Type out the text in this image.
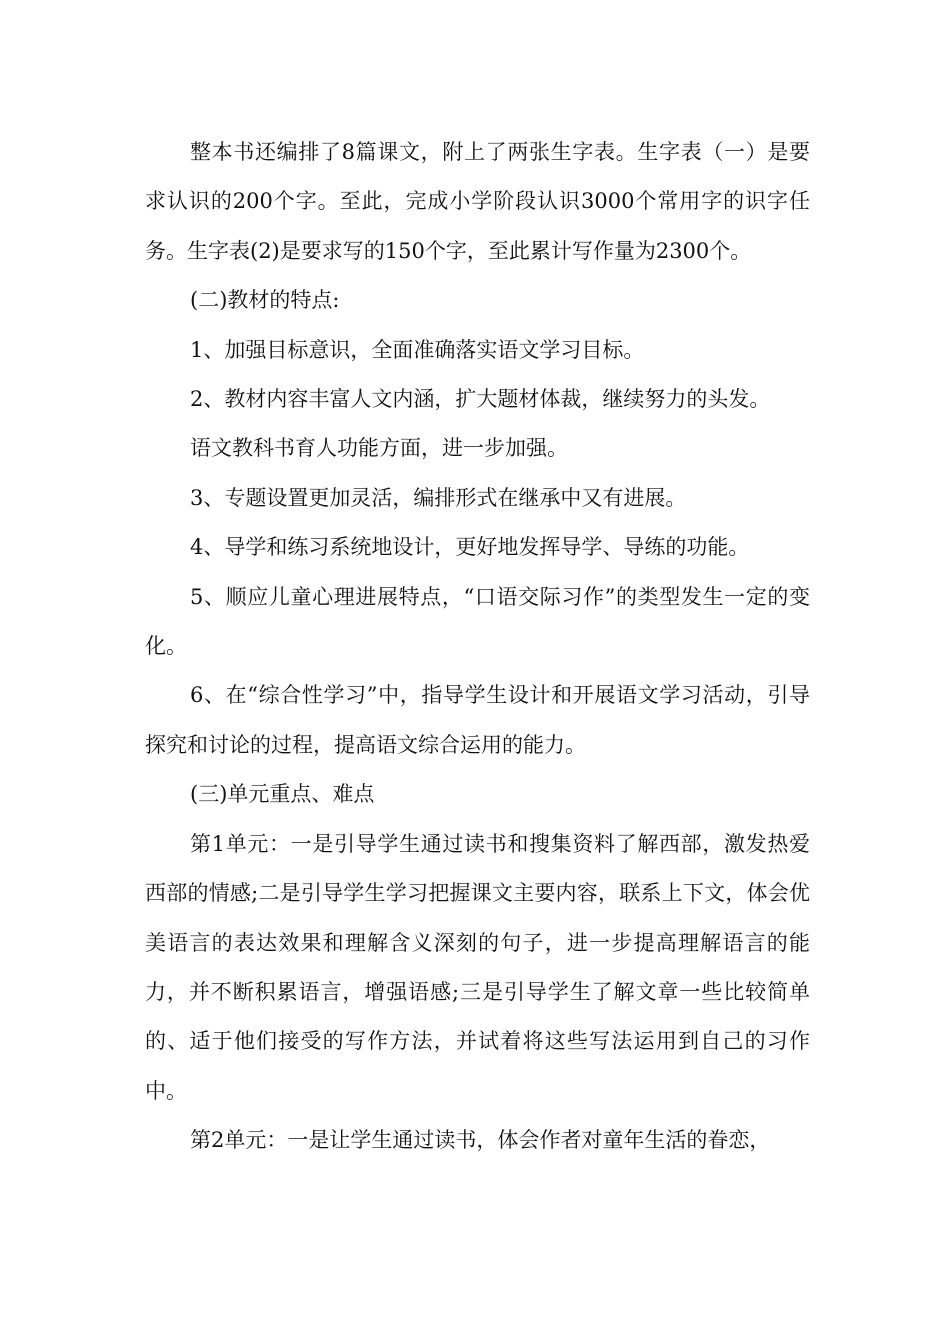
整本书还编排了8篇课文，附上了两张生字表。生字表（一）是要求认识的200个字。至此，完成小学阶段认识3000个常用字的识字任务。生字表(2)是要求写的150个字，至此累计写作量为2300个。

(二)教材的特点:

1、加强目标意识，全面准确落实语文学习目标。

2、教材内容丰富人文内涵，扩大题材体裁，继续努力的头发。

语文教科书育人功能方面，进一步加强。

3、专题设置更加灵活，编排形式在继承中又有进展。

4、导学和练习系统地设计，更好地发挥导学、导练的功能。

5、顺应儿童心理进展特点，“口语交际习作”的类型发生一定的变化。

6、在“综合性学习”中，指导学生设计和开展语文学习活动，引导探究和讨论的过程，提高语文综合运用的能力。

(三)单元重点、难点

第1单元：一是引导学生通过读书和搜集资料了解西部，激发热爱西部的情感;二是引导学生学习把握课文主要内容，联系上下文，体会优美语言的表达效果和理解含义深刻的句子，进一步提高理解语言的能力，并不断积累语言，增强语感;三是引导学生了解文章一些比较简单的、适于他们接受的写作方法，并试着将这些写法运用到自己的习作中。

第2单元：一是让学生通过读书，体会作者对童年生活的眷恋，
